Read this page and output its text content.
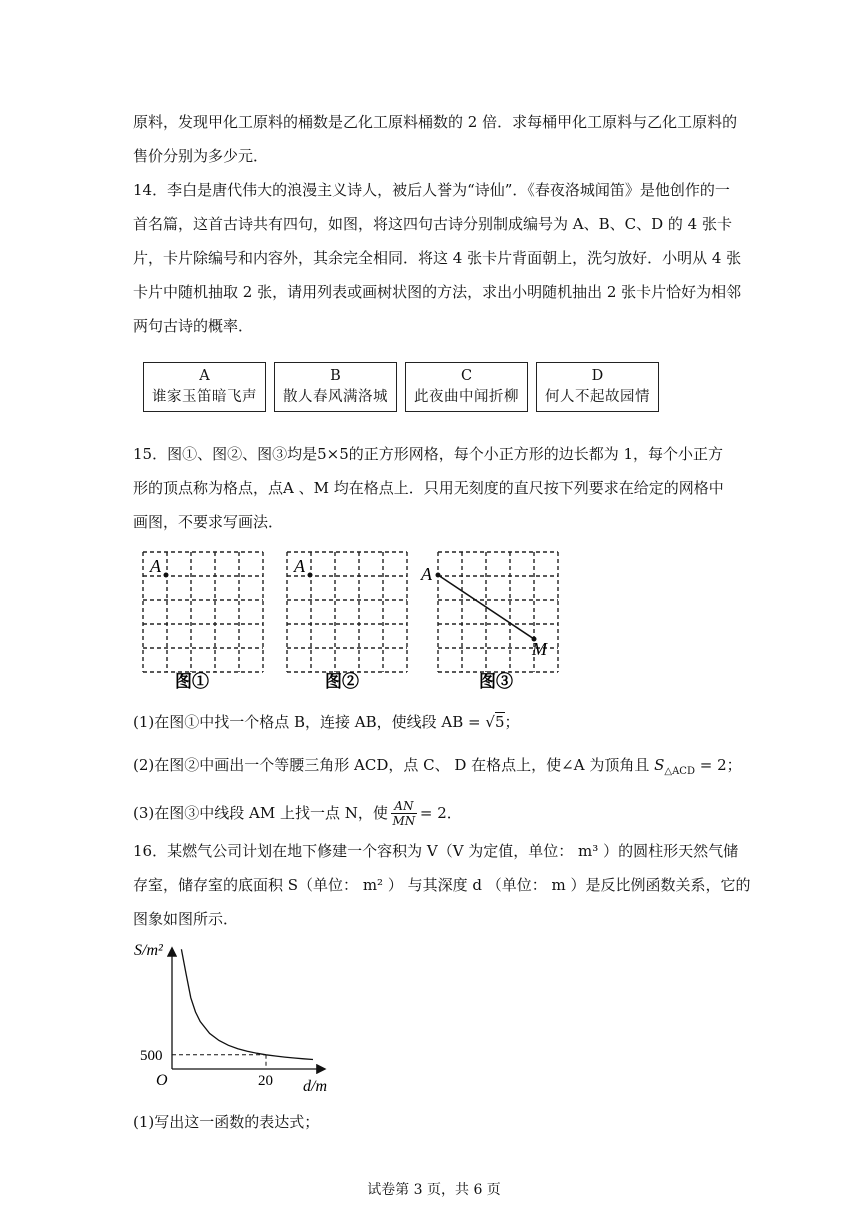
原料，发现甲化工原料的桶数是乙化工原料桶数的 2 倍．求每桶甲化工原料与乙化工原料的
售价分别为多少元．
14．李白是唐代伟大的浪漫主义诗人，被后人誉为“诗仙”．《春夜洛城闻笛》是他创作的一
首名篇，这首古诗共有四句，如图，将这四句古诗分别制成编号为 A、B、C、D 的 4 张卡
片，卡片除编号和内容外，其余完全相同．将这 4 张卡片背面朝上，洗匀放好．小明从 4 张
卡片中随机抽取 2 张，请用列表或画树状图的方法，求出小明随机抽出 2 张卡片恰好为相邻
两句古诗的概率．
A
谁家玉笛暗飞声
B
散人春风满洛城
C
此夜曲中闻折柳
D
何人不起故园情
15．图①、图②、图③均是5×5的正方形网格，每个小正方形的边长都为 1，每个小正方
形的顶点称为格点，点A 、M 均在格点上．只用无刻度的直尺按下列要求在给定的网格中
画图，不要求写画法．
A	A	A
M
图①	图②	图③
(1)在图①中找一个格点 B，连接 AB，使线段 AB = √5；
(2)在图②中画出一个等腰三角形 ACD，点 C、 D 在格点上，使∠A 为顶角且 $S_{\triangle ACD} = 2$；
(3)在图③中线段 AM 上找一点 N，使 AN
MN = 2．
16．某燃气公司计划在地下修建一个容积为 V（V 为定值，单位： m³ ）的圆柱形天然气储
存室，储存室的底面积 S（单位： m² ） 与其深度 d （单位： m ）是反比例函数关系，它的
图象如图所示．
S/m²
d/m
O
500
20
(1)写出这一函数的表达式；
试卷第 3 页，共 6 页
